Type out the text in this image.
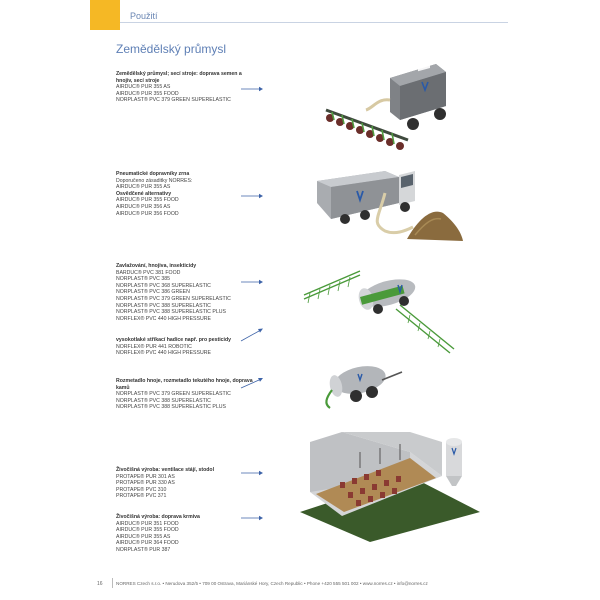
Použití
Zemědělský průmysl
Zemědělský průmysl; secí stroje: doprava semen a hnojiv, secí stroje
AIRDUC® PUR 355 AS
AIRDUC® PUR 355 FOOD
NORPLAST® PVC 379 GREEN SUPERELASTIC
Pneumatické dopravníky zrna
Doporučeno zásaditky NORRES:
AIRDUC® PUR 355 AS
Osvědčené alternativy
AIRDUC® PUR 355 FOOD
AIRDUC® PUR 356 AS
AIRDUC® PUR 356 FOOD
Zavlažování, hnojiva, insekticidy
BARDUC® PVC 381 FOOD
NORPLAST® PVC 385
NORPLAST® PVC 368 SUPERELASTIC
NORPLAST® PVC 386 GREEN
NORPLAST® PVC 379 GREEN SUPERELASTIC
NORPLAST® PVC 388 SUPERELASTIC
NORPLAST® PVC 388 SUPERELASTIC PLUS
NORFLEX® PVC 440 HIGH PRESSURE
vysokotlaké stříkací hadice např. pro pesticidy
NORFLEX® PUR 441 ROBOTIC
NORFLEX® PVC 440 HIGH PRESSURE
Rozmetadlo hnoje, rozmetadlo tekutého hnoje, doprava kamů
NORPLAST® PVC 379 GREEN SUPERELASTIC
NORPLAST® PVC 388 SUPERELASTIC
NORPLAST® PVC 388 SUPERELASTIC PLUS
Živočišná výroba: ventilace stájí, stodol
PROTAPE® PUR 301 AS
PROTAPE® PUR 330 AS
PROTAPE® PVC 310
PROTAPE® PVC 371
Živočišná výroba: doprava krmiva
AIRDUC® PUR 351 FOOD
AIRDUC® PUR 355 FOOD
AIRDUC® PUR 355 AS
AIRDUC® PUR 364 FOOD
NORPLAST® PUR 387
16	NORRES Czech s.r.o. • Nerudova 352/5 • 709 00 Ostrava, Mariánské Hory, Czech Republic • Phone +420 555 501 002 • www.norres.cz • info@norres.cz
